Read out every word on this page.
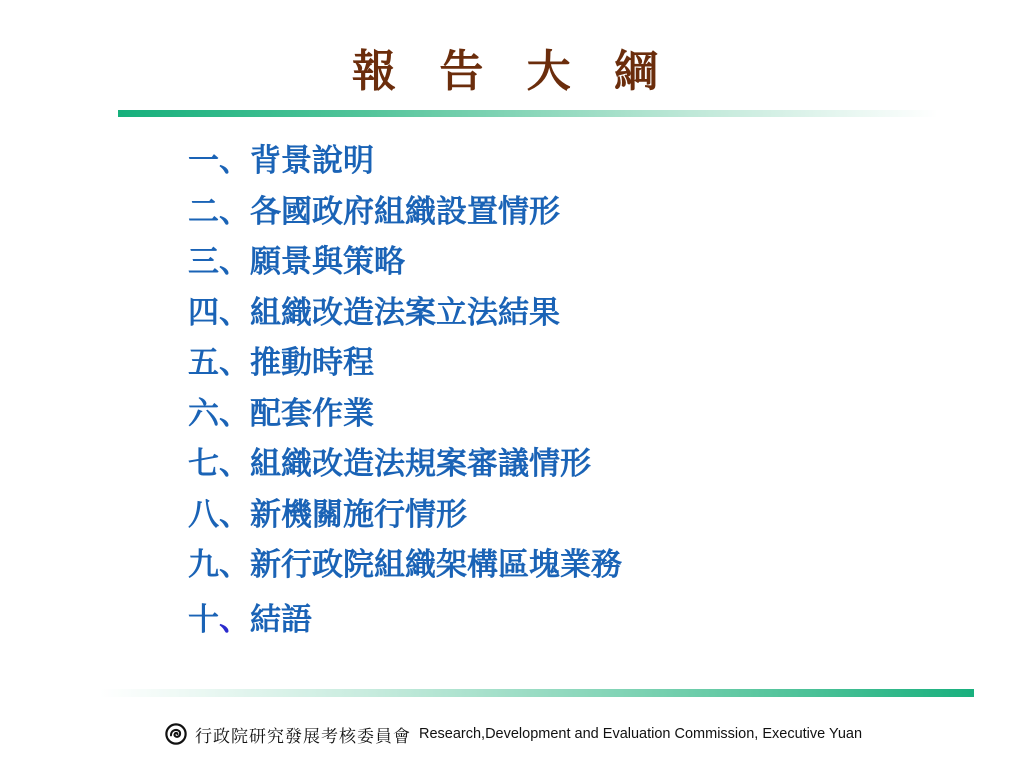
報 告 大 綱
一、背景說明
二、各國政府組織設置情形
三、願景與策略
四、組織改造法案立法結果
五、推動時程
六、配套作業
七、組織改造法規案審議情形
八、新機關施行情形
九、新行政院組織架構區塊業務
十、結語
行政院研究發展考核委員會 Research,Development and Evaluation Commission, Executive Yuan
